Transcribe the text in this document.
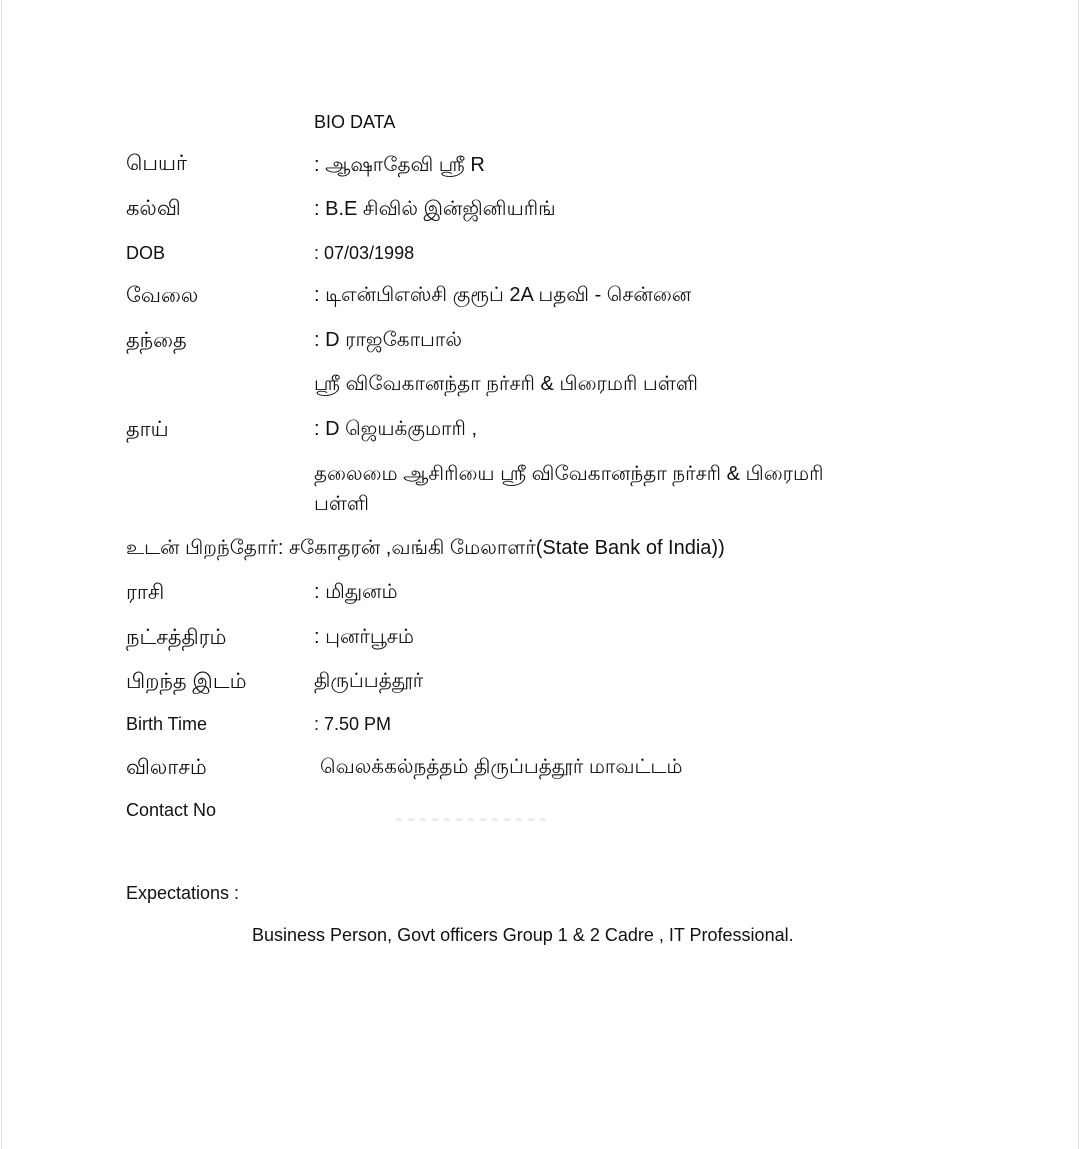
BIO DATA
பெயர்	: ஆஷாதேவி ஸ்ரீ R
கல்வி	: B.E சிவில் இன்ஜினியரிங்
DOB	: 07/03/1998
வேலை	: டிஎன்பிஎஸ்சி குரூப் 2A பதவி - சென்னை
தந்தை	: D ராஜகோபால்
ஸ்ரீ விவேகானந்தா நர்சரி & பிரைமரி பள்ளி
தாய்	: D ஜெயக்குமாரி ,
தலைமை ஆசிரியை ஸ்ரீ விவேகானந்தா நர்சரி & பிரைமரி பள்ளி
உடன் பிறந்தோர்: சகோதரன் ,வங்கி மேலாளர்(State Bank of India))
ராசி	: மிதுனம்
நட்சத்திரம்	: புனர்பூசம்
பிறந்த இடம்	திருப்பத்தூர்
Birth Time	: 7.50 PM
விலாசம்	வெலக்கல்நத்தம் திருப்பத்தூர் மாவட்டம்
Contact No
Expectations :
Business Person, Govt officers Group 1 & 2 Cadre , IT Professional.
